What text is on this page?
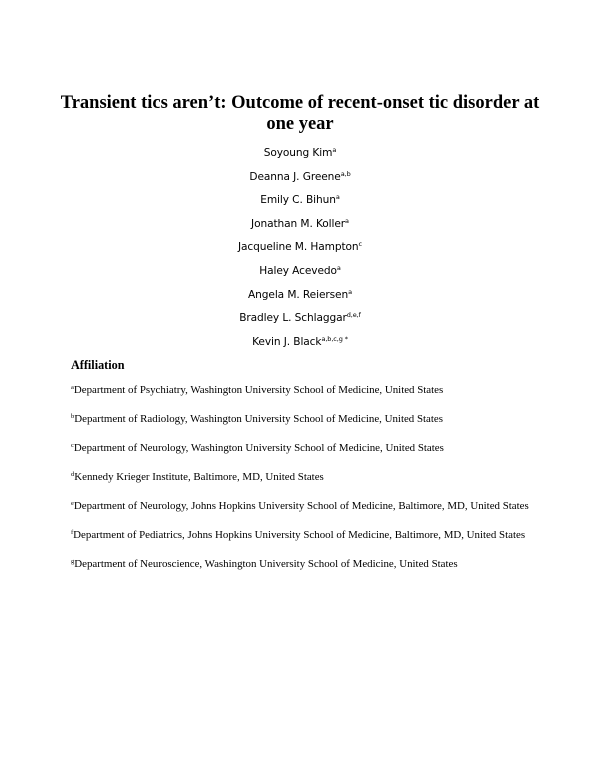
Transient tics aren’t: Outcome of recent-onset tic disorder at one year
Soyoung Kim$^a$
Deanna J. Greene$^{a,b}$
Emily C. Bihun$^a$
Jonathan M. Koller$^a$
Jacqueline M. Hampton$^c$
Haley Acevedo$^a$
Angela M. Reiersen$^a$
Bradley L. Schlaggar$^{d,e,f}$
Kevin J. Black$^{a,b,c,g *}$
Affiliation
$^a$Department of Psychiatry, Washington University School of Medicine, United States
$^b$Department of Radiology, Washington University School of Medicine, United States
$^c$Department of Neurology, Washington University School of Medicine, United States
$^d$Kennedy Krieger Institute, Baltimore, MD, United States
$^e$Department of Neurology, Johns Hopkins University School of Medicine, Baltimore, MD, United States
$^f$Department of Pediatrics, Johns Hopkins University School of Medicine, Baltimore, MD, United States
$^g$Department of Neuroscience, Washington University School of Medicine, United States
